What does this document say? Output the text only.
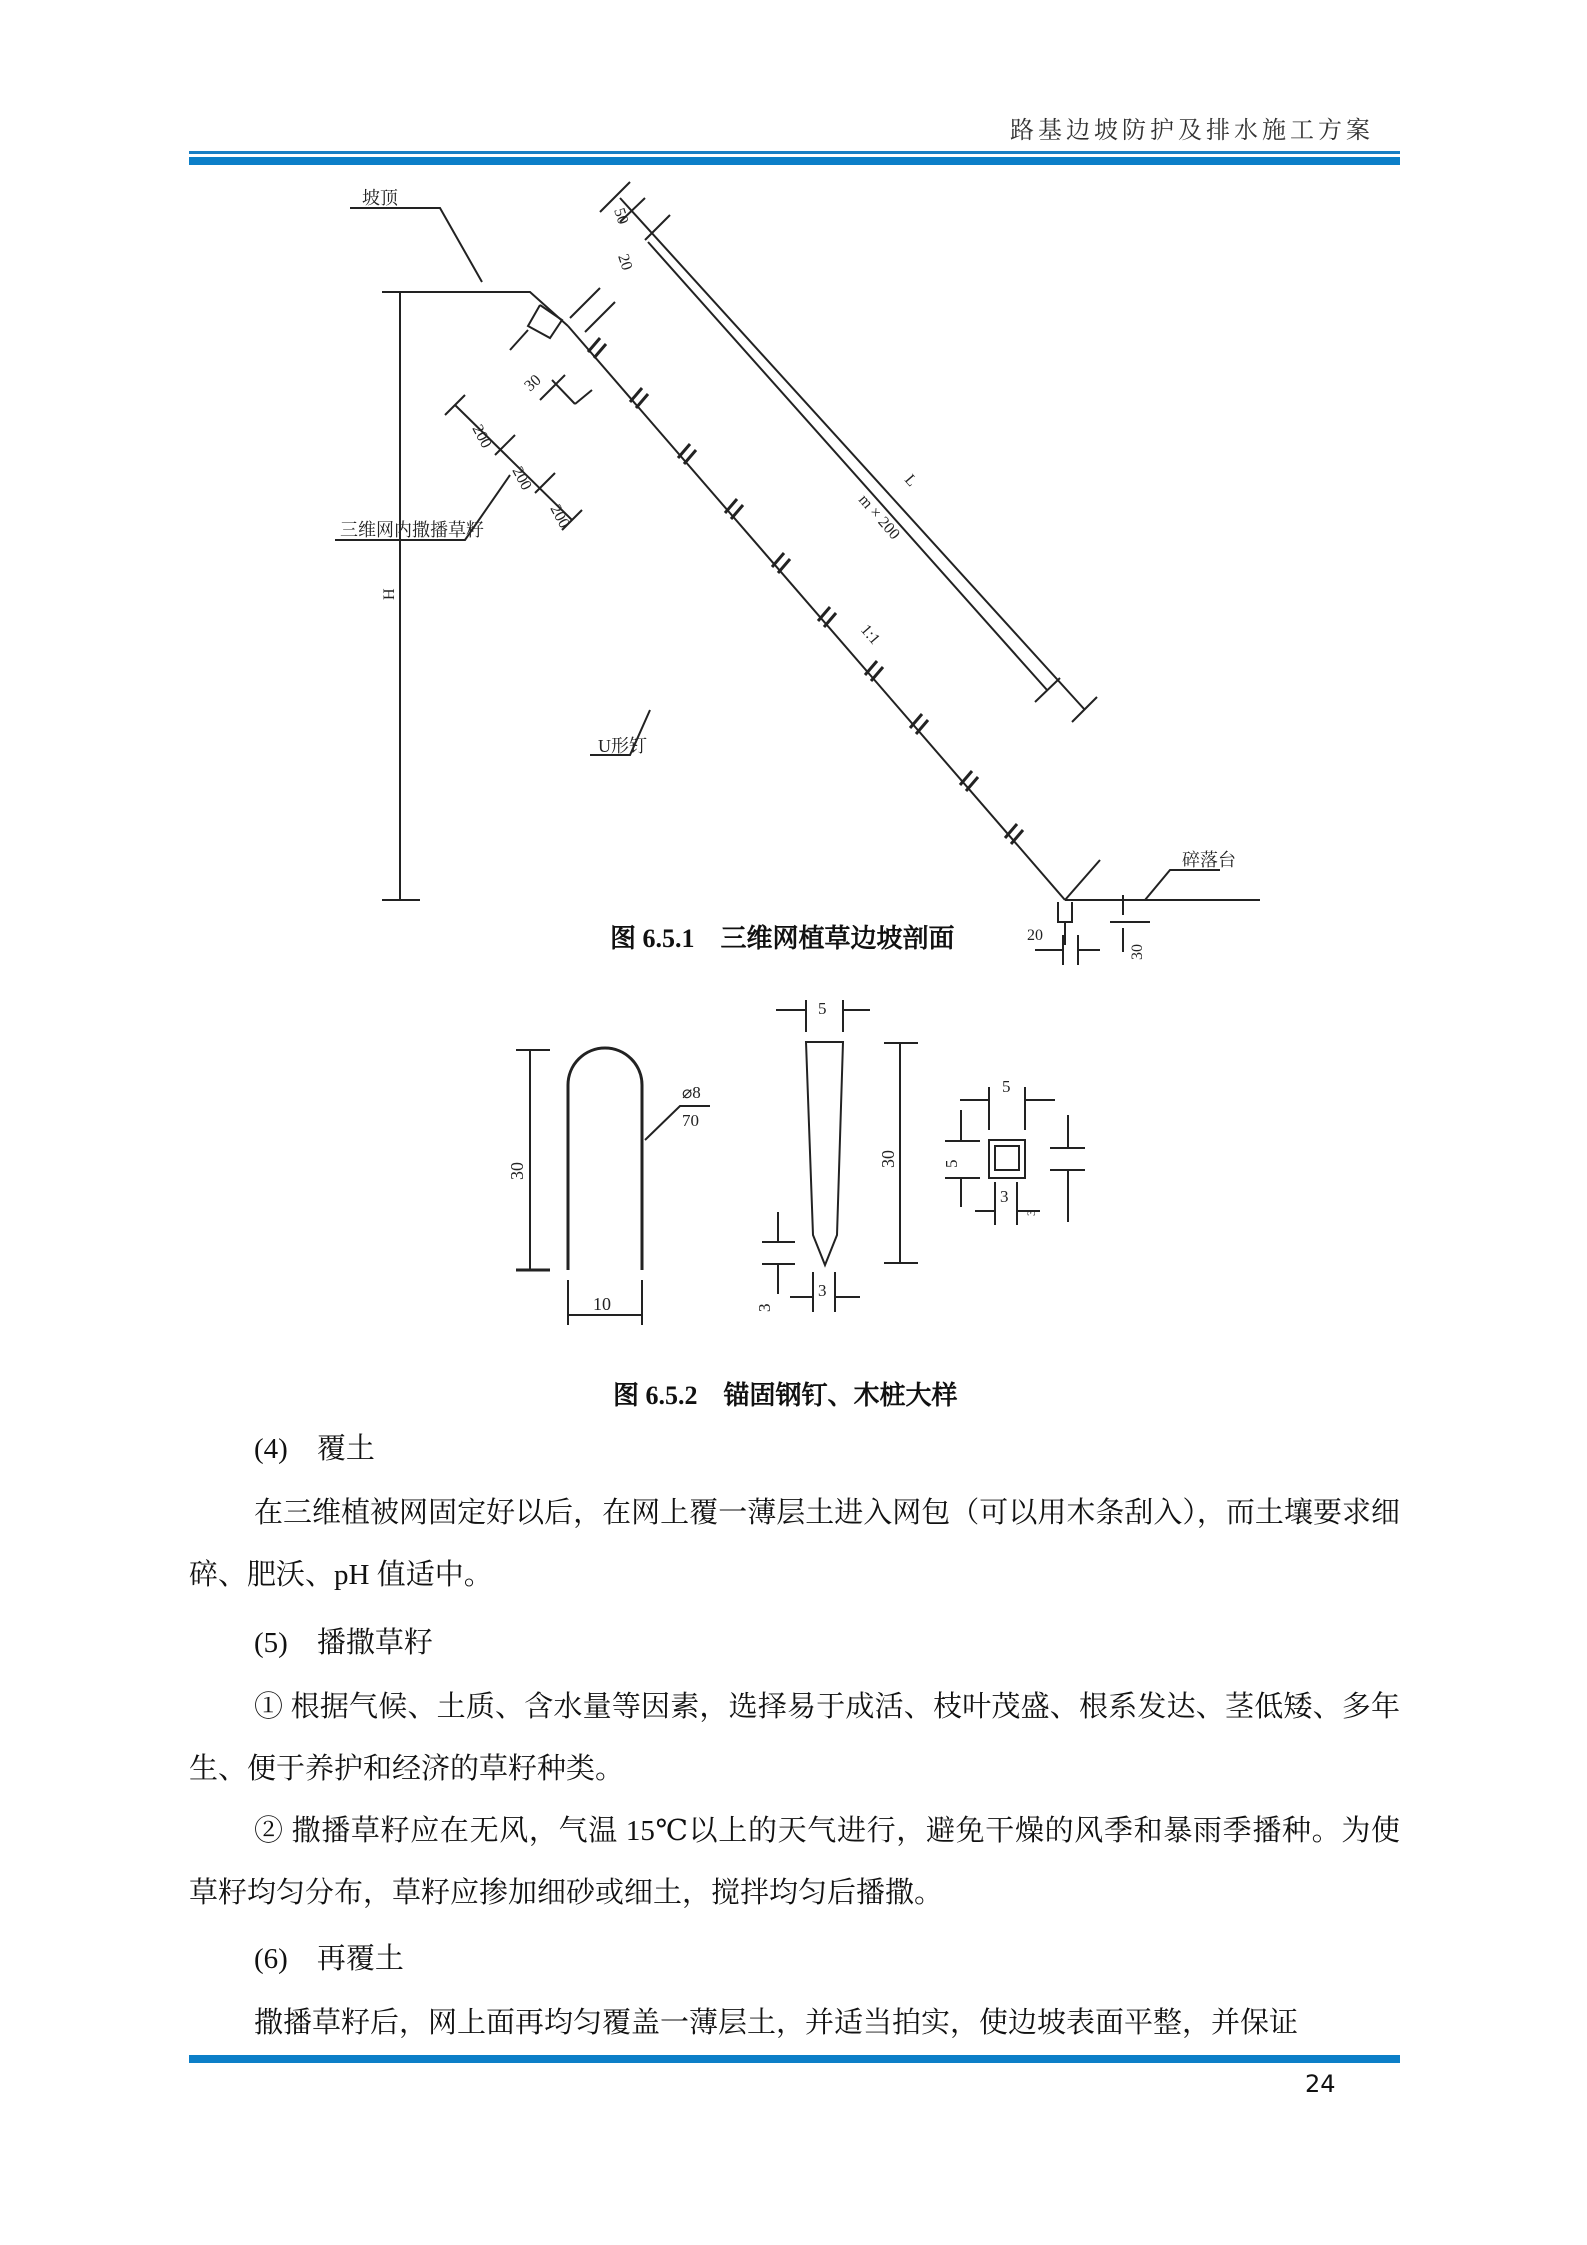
路基边坡防护及排水施工方案
坡顶
H
三维网内撒播草籽
U形钉
碎落台
L
m × 200
1:1
50
20
30
200
200
200
20
30
图 6.5.1    三维网植草边坡剖面
30
10
⌀8
70
5
30
3
3
5
5
3
3
图 6.5.2    锚固钢钉、木桩大样
(4)    覆土
在三维植被网固定好以后，在网上覆一薄层土进入网包（可以用木条刮入），而土壤要求细碎、肥沃、pH 值适中。
(5)    播撒草籽
① 根据气候、土质、含水量等因素，选择易于成活、枝叶茂盛、根系发达、茎低矮、多年生、便于养护和经济的草籽种类。
② 撒播草籽应在无风，气温 15℃以上的天气进行，避免干燥的风季和暴雨季播种。为使草籽均匀分布，草籽应掺加细砂或细土，搅拌均匀后播撒。
(6)    再覆土
撒播草籽后，网上面再均匀覆盖一薄层土，并适当拍实，使边坡表面平整，并保证
24
